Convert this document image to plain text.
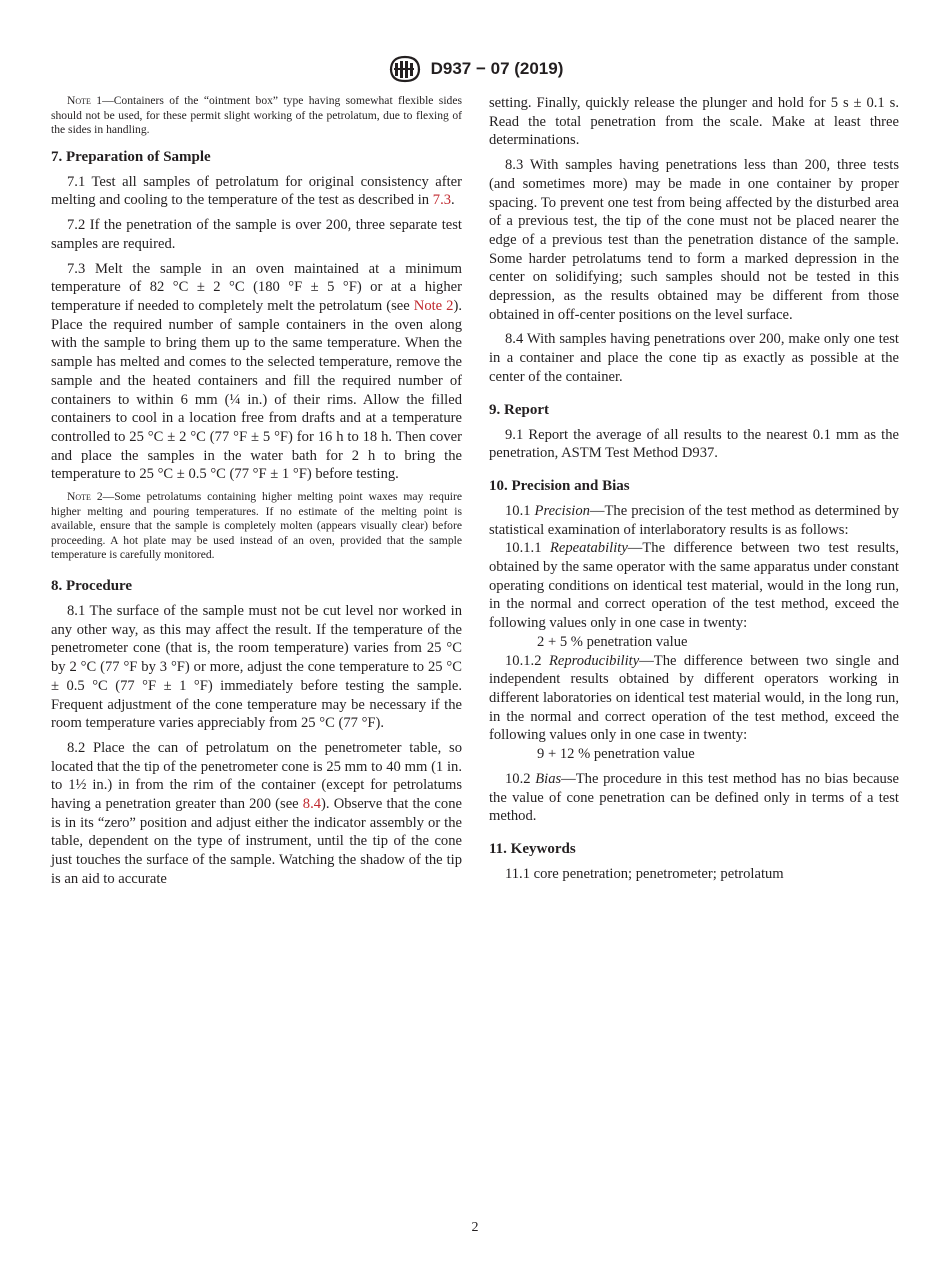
D937 − 07 (2019)

Note 1—Containers of the “ointment box” type having somewhat flexible sides should not be used, for these permit slight working of the petrolatum, due to flexing of the sides in handling.

7. Preparation of Sample

7.1 Test all samples of petrolatum for original consistency after melting and cooling to the temperature of the test as described in 7.3.

7.2 If the penetration of the sample is over 200, three separate test samples are required.

7.3 Melt the sample in an oven maintained at a minimum temperature of 82 °C ± 2 °C (180 °F ± 5 °F) or at a higher temperature if needed to completely melt the petrolatum (see Note 2). Place the required number of sample containers in the oven along with the sample to bring them up to the same temperature. When the sample has melted and comes to the selected temperature, remove the sample and the heated containers and fill the required number of containers to within 6 mm (¼ in.) of their rims. Allow the filled containers to cool in a location free from drafts and at a temperature controlled to 25 °C ± 2 °C (77 °F ± 5 °F) for 16 h to 18 h. Then cover and place the samples in the water bath for 2 h to bring the temperature to 25 °C ± 0.5 °C (77 °F ± 1 °F) before testing.

Note 2—Some petrolatums containing higher melting point waxes may require higher melting and pouring temperatures. If no estimate of the melting point is available, ensure that the sample is completely molten (appears visually clear) before proceeding. A hot plate may be used instead of an oven, provided that the sample temperature is carefully monitored.

8. Procedure

8.1 The surface of the sample must not be cut level nor worked in any other way, as this may affect the result. If the temperature of the penetrometer cone (that is, the room temperature) varies from 25 °C by 2 °C (77 °F by 3 °F) or more, adjust the cone temperature to 25 °C ± 0.5 °C (77 °F ± 1 °F) immediately before testing the sample. Frequent adjustment of the cone temperature may be necessary if the room temperature varies appreciably from 25 °C (77 °F).

8.2 Place the can of petrolatum on the penetrometer table, so located that the tip of the penetrometer cone is 25 mm to 40 mm (1 in. to 1½ in.) in from the rim of the container (except for petrolatums having a penetration greater than 200 (see 8.4). Observe that the cone is in its “zero” position and adjust either the indicator assembly or the table, dependent on the type of instrument, until the tip of the cone just touches the surface of the sample. Watching the shadow of the tip is an aid to accurate

setting. Finally, quickly release the plunger and hold for 5 s ± 0.1 s. Read the total penetration from the scale. Make at least three determinations.

8.3 With samples having penetrations less than 200, three tests (and sometimes more) may be made in one container by proper spacing. To prevent one test from being affected by the disturbed area of a previous test, the tip of the cone must not be placed nearer the edge of a previous test than the penetration distance of the sample. Some harder petrolatums tend to form a marked depression in the center on solidifying; such samples should not be tested in this depression, as the results obtained may be different from those obtained in off-center positions on the level surface.

8.4 With samples having penetrations over 200, make only one test in a container and place the cone tip as exactly as possible at the center of the container.

9. Report

9.1 Report the average of all results to the nearest 0.1 mm as the penetration, ASTM Test Method D937.

10. Precision and Bias

10.1 Precision—The precision of the test method as determined by statistical examination of interlaboratory results is as follows:

10.1.1 Repeatability—The difference between two test results, obtained by the same operator with the same apparatus under constant operating conditions on identical test material, would in the long run, in the normal and correct operation of the test method, exceed the following values only in one case in twenty:

2 + 5 % penetration value

10.1.2 Reproducibility—The difference between two single and independent results obtained by different operators working in different laboratories on identical test material would, in the long run, in the normal and correct operation of the test method, exceed the following values only in one case in twenty:

9 + 12 % penetration value

10.2 Bias—The procedure in this test method has no bias because the value of cone penetration can be defined only in terms of a test method.

11. Keywords

11.1 core penetration; penetrometer; petrolatum

2
